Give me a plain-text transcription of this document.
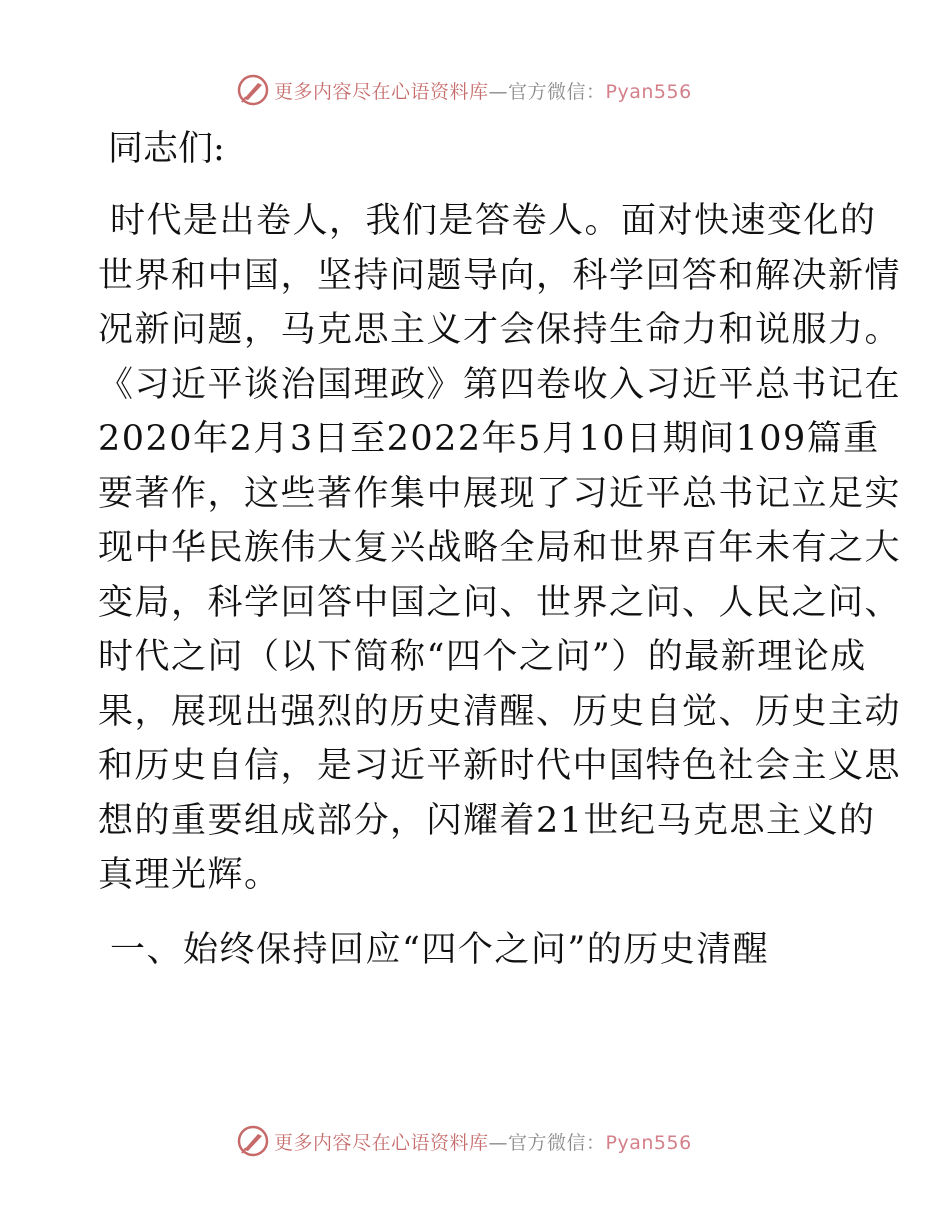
更多内容尽在心语资料库—官方微信：Pyan556
同志们:
时代是出卷人，我们是答卷人。面对快速变化的
世界和中国，坚持问题导向，科学回答和解决新情
况新问题，马克思主义才会保持生命力和说服力。
《习近平谈治国理政》第四卷收入习近平总书记在
2020年2月3日至2022年5月10日期间109篇重
要著作，这些著作集中展现了习近平总书记立足实
现中华民族伟大复兴战略全局和世界百年未有之大
变局，科学回答中国之问、世界之问、人民之问、
时代之问（以下简称“四个之问”）的最新理论成
果，展现出强烈的历史清醒、历史自觉、历史主动
和历史自信，是习近平新时代中国特色社会主义思
想的重要组成部分，闪耀着21世纪马克思主义的
真理光辉。
一、始终保持回应“四个之问”的历史清醒
更多内容尽在心语资料库—官方微信：Pyan556
